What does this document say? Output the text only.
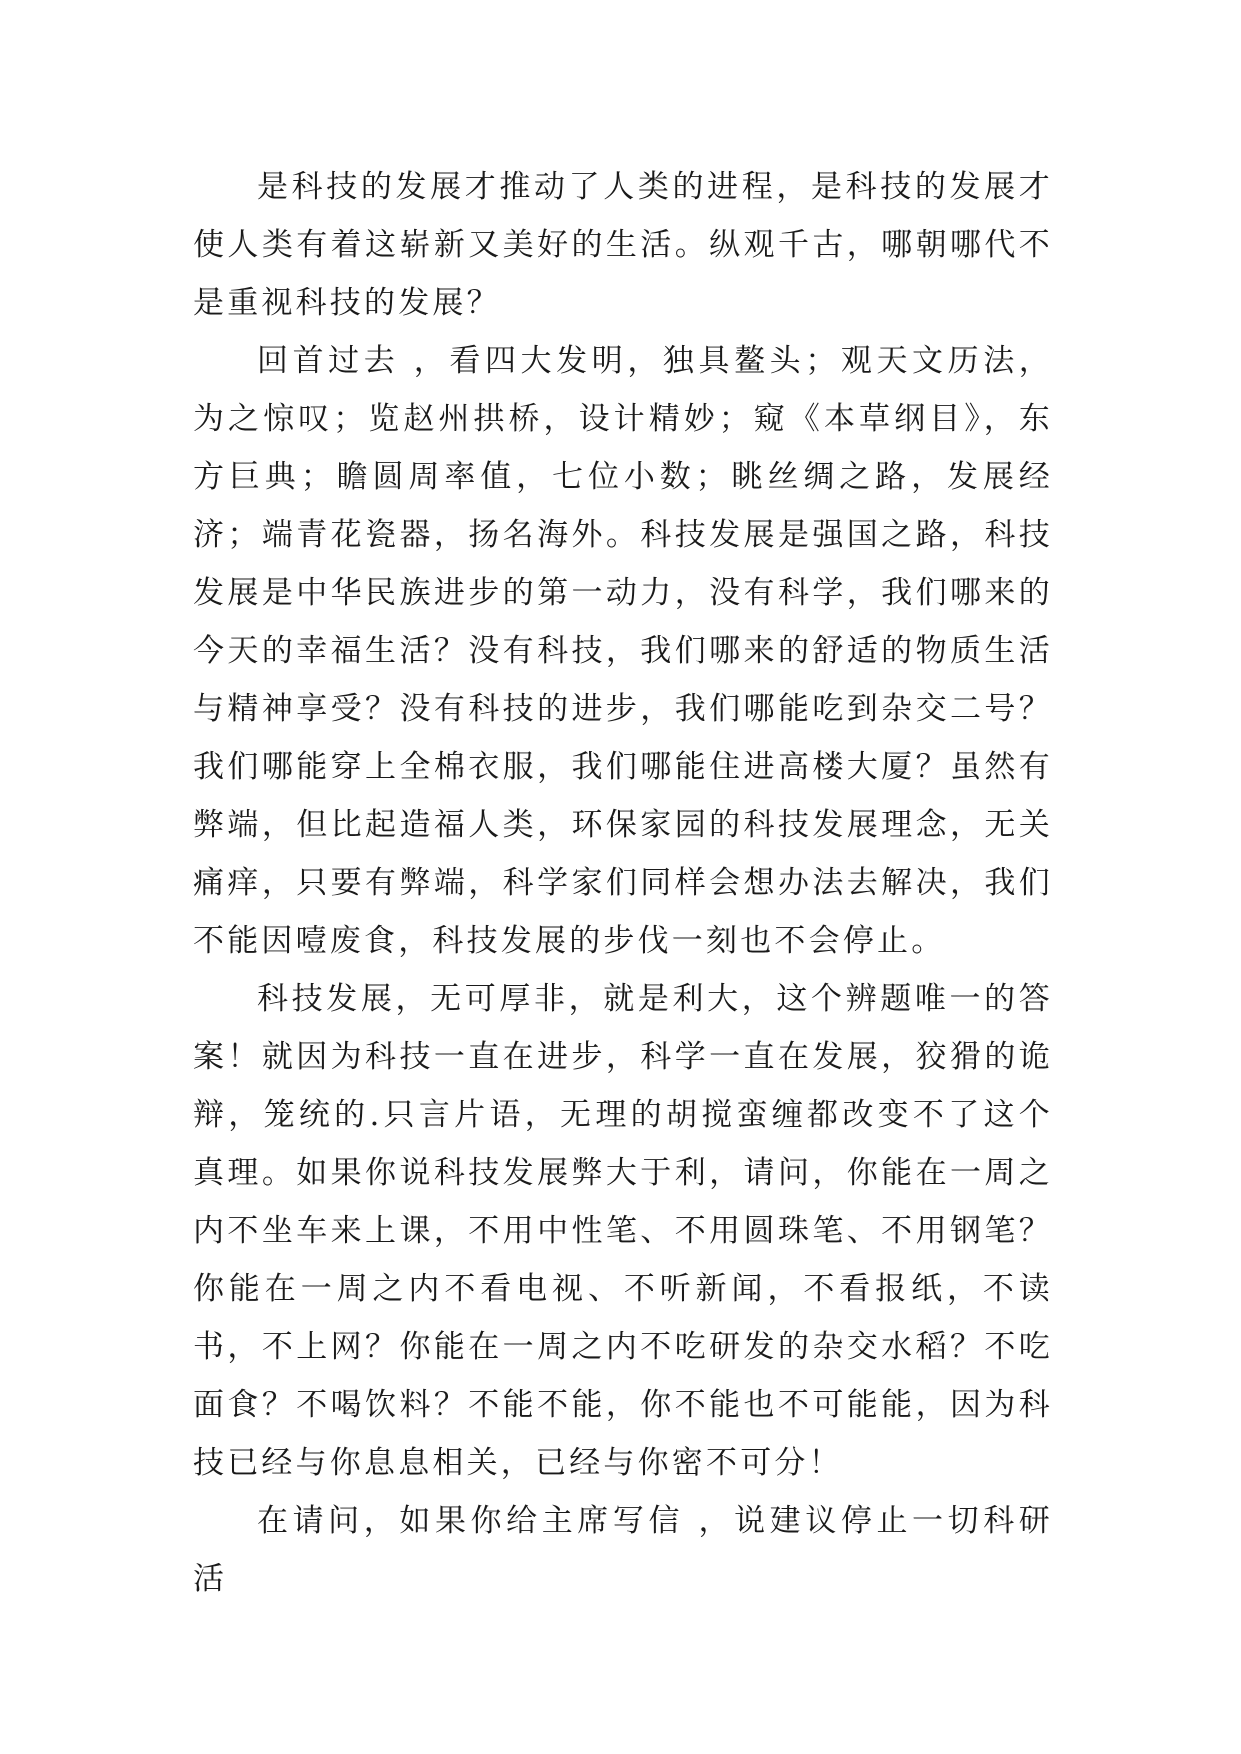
是科技的发展才推动了人类的进程，是科技的发展才使人类有着这崭新又美好的生活。纵观千古，哪朝哪代不是重视科技的发展？

回首过去 ，看四大发明，独具鳌头；观天文历法，为之惊叹；览赵州拱桥，设计精妙；窥《本草纲目》，东方巨典；瞻圆周率值，七位小数；眺丝绸之路，发展经济；端青花瓷器，扬名海外。科技发展是强国之路，科技发展是中华民族进步的第一动力，没有科学，我们哪来的今天的幸福生活？没有科技，我们哪来的舒适的物质生活与精神享受？没有科技的进步，我们哪能吃到杂交二号？我们哪能穿上全棉衣服，我们哪能住进高楼大厦？虽然有弊端，但比起造福人类，环保家园的科技发展理念，无关痛痒，只要有弊端，科学家们同样会想办法去解决，我们不能因噎废食，科技发展的步伐一刻也不会停止。

科技发展，无可厚非，就是利大，这个辨题唯一的答案！就因为科技一直在进步，科学一直在发展，狡猾的诡辩，笼统的.只言片语，无理的胡搅蛮缠都改变不了这个真理。如果你说科技发展弊大于利，请问，你能在一周之内不坐车来上课，不用中性笔、不用圆珠笔、不用钢笔？你能在一周之内不看电视、不听新闻，不看报纸，不读书，不上网？你能在一周之内不吃研发的杂交水稻？不吃面食？不喝饮料？不能不能，你不能也不可能能，因为科技已经与你息息相关，已经与你密不可分！

在请问，如果你给主席写信 ，说建议停止一切科研活
